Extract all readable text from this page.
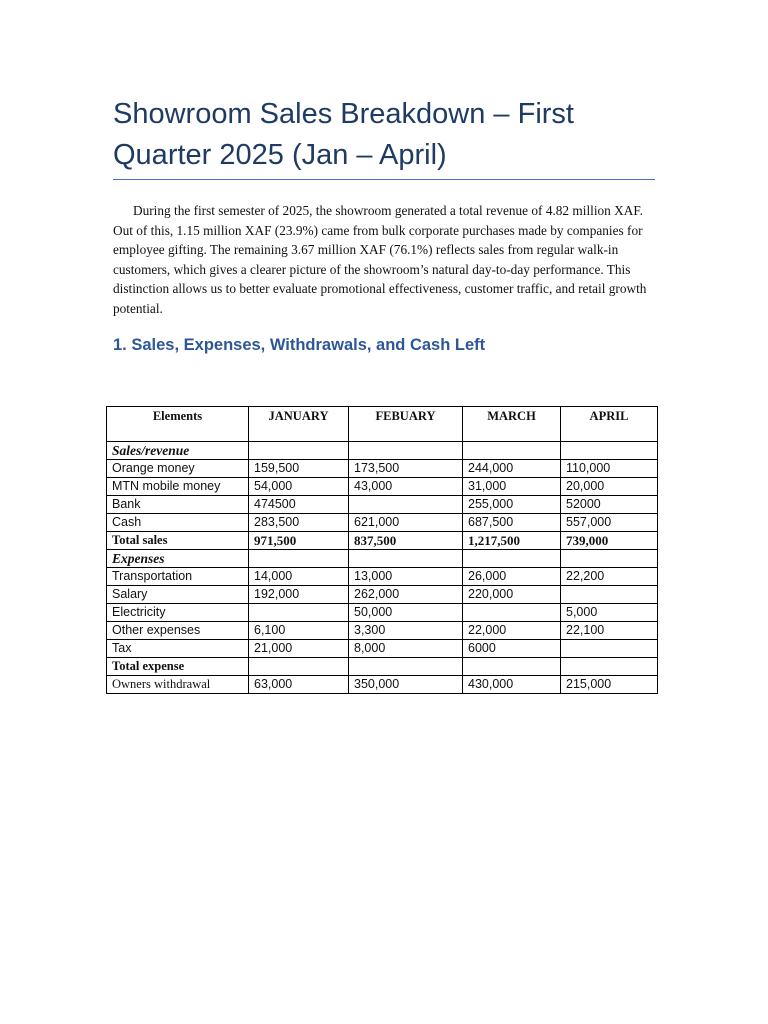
Showroom Sales Breakdown – First Quarter 2025 (Jan – April)

During the first semester of 2025, the showroom generated a total revenue of 4.82 million XAF. Out of this, 1.15 million XAF (23.9%) came from bulk corporate purchases made by companies for employee gifting. The remaining 3.67 million XAF (76.1%) reflects sales from regular walk-in customers, which gives a clearer picture of the showroom’s natural day-to-day performance. This distinction allows us to better evaluate promotional effectiveness, customer traffic, and retail growth potential.

1. Sales, Expenses, Withdrawals, and Cash Left
Elements	JANUARY	FEBUARY	MARCH	APRIL
Sales/revenue				
Orange money	159,500	173,500	244,000	110,000
MTN mobile money	54,000	43,000	31,000	20,000
Bank	474500		255,000	52000
Cash	283,500	621,000	687,500	557,000
Total sales	971,500	837,500	1,217,500	739,000
Expenses				
Transportation	14,000	13,000	26,000	22,200
Salary	192,000	262,000	220,000	
Electricity		50,000		5,000
Other expenses	6,100	3,300	22,000	22,100
Tax	21,000	8,000	6000	
Total expense				
Owners withdrawal	63,000	350,000	430,000	215,000
